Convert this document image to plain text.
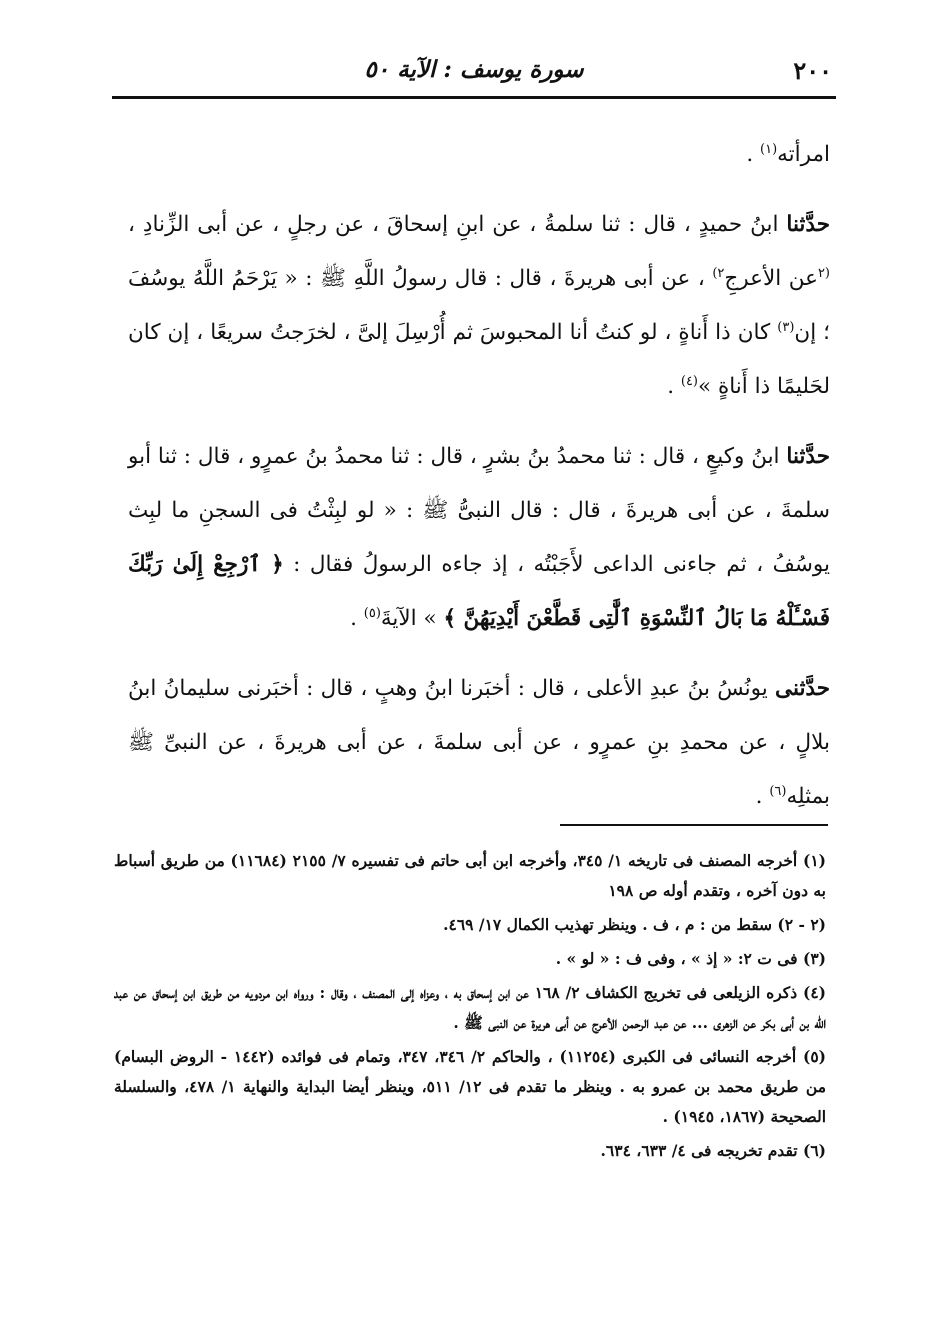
٢٠٠
سورة يوسف : الآية ٥٠

امرأته$^{(١)}$ .

حدَّثنا ابنُ حميدٍ ، قال : ثنا سلمةُ ، عن ابنِ إسحاقَ ، عن رجلٍ ، عن أبى الزِّنادِ ، $^{(٢}$عن الأعرجِ$^{٢)}$ ، عن أبى هريرةَ ، قال : قال رسولُ اللَّهِ ﷺ : « يَرْحَمُ اللَّهُ يوسُفَ ؛ إن$^{(٣)}$ كان ذا أَناةٍ ، لو كنتُ أنا المحبوسَ ثم أُرْسِلَ إلىَّ ، لخرَجتُ سريعًا ، إن كان لحَليمًا ذا أَناةٍ »$^{(٤)}$ .

حدَّثنا ابنُ وكيعٍ ، قال : ثنا محمدُ بنُ بشرٍ ، قال : ثنا محمدُ بنُ عمرٍو ، قال : ثنا أبو سلمةَ ، عن أبى هريرةَ ، قال : قال النبىُّ ﷺ : « لو لبِثْتُ فى السجنِ ما لبِث يوسُفُ ، ثم جاءنى الداعى لأَجَبْتُه ، إذ جاءه الرسولُ فقال : ﴿ ٱرْجِعْ إِلَىٰ رَبِّكَ فَسْـَٔلْهُ مَا بَالُ ٱلنِّسْوَةِ ٱلَّٰتِى قَطَّعْنَ أَيْدِيَهُنَّ ﴾ » الآيةَ$^{(٥)}$ .

حدَّثنى يونُسُ بنُ عبدِ الأعلى ، قال : أخبَرنا ابنُ وهبٍ ، قال : أخبَرنى سليمانُ ابنُ بلالٍ ، عن محمدِ بنِ عمرٍو ، عن أبى سلمةَ ، عن أبى هريرةَ ، عن النبىِّ ﷺ بمثلِه$^{(٦)}$ .

(١) أخرجه المصنف فى تاريخه ١/ ٣٤٥، وأخرجه ابن أبى حاتم فى تفسيره ٧/ ٢١٥٥ (١١٦٨٤) من طريق أسباط به دون آخره ، وتقدم أوله ص ١٩٨
(٢ - ٢) سقط من : م ، ف . وينظر تهذيب الكمال ١٧/ ٤٦٩.
(٣) فى ت ٢: « إذ » ، وفى ف : « لو » .
(٤) ذكره الزيلعى فى تخريج الكشاف ٢/ ١٦٨ عن ابن إسحاق به ، وعزاه إلى المصنف ، وقال : ورواه ابن مردويه من طريق ابن إسحاق عن عبد الله بن أبى بكر عن الزهرى ... عن عبد الرحمن الأعرج عن أبى هريرة عن النبى ﷺ .
(٥) أخرجه النسائى فى الكبرى (١١٢٥٤) ، والحاكم ٢/ ٣٤٦، ٣٤٧، وتمام فى فوائده (١٤٤٢ - الروض البسام) من طريق محمد بن عمرو به . وينظر ما تقدم فى ١٢/ ٥١١، وينظر أيضا البداية والنهاية ١/ ٤٧٨، والسلسلة الصحيحة (١٨٦٧، ١٩٤٥) .
(٦) تقدم تخريجه فى ٤/ ٦٣٣، ٦٣٤.
